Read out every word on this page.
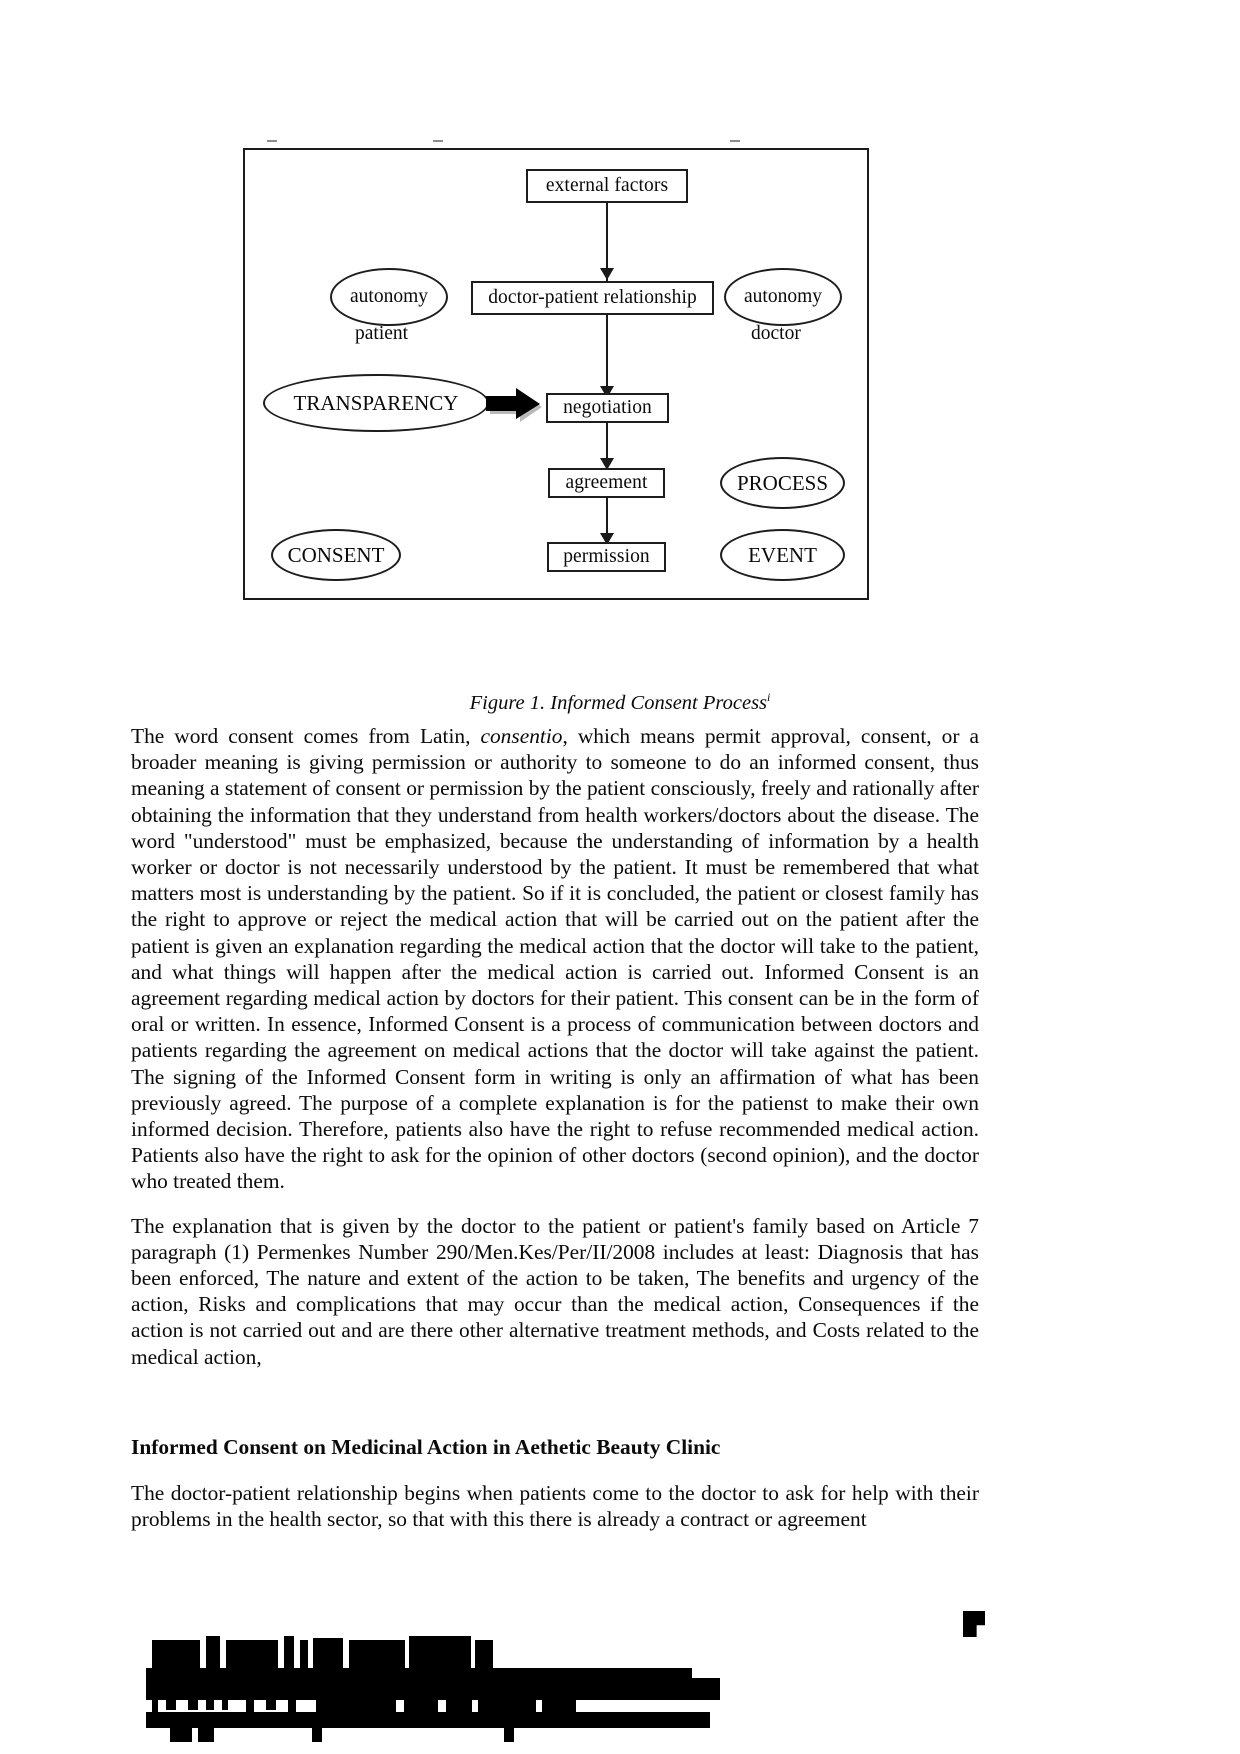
external factors
doctor-patient relationship
autonomy
patient
autonomy
doctor
TRANSPARENCY	negotiation
agreement	PROCESS
permission
CONSENT	EVENT
Figure 1. Informed Consent Process$^i$

The word consent comes from Latin, consentio, which means permit approval, consent, or a broader meaning is giving permission or authority to someone to do an informed consent, thus meaning a statement of consent or permission by the patient consciously, freely and rationally after obtaining the information that they understand from health workers/doctors about the disease. The word "understood" must be emphasized, because the understanding of information by a health worker or doctor is not necessarily understood by the patient. It must be remembered that what matters most is understanding by the patient. So if it is concluded, the patient or closest family has the right to approve or reject the medical action that will be carried out on the patient after the patient is given an explanation regarding the medical action that the doctor will take to the patient, and what things will happen after the medical action is carried out. Informed Consent is an agreement regarding medical action by doctors for their patient. This consent can be in the form of oral or written. In essence, Informed Consent is a process of communication between doctors and patients regarding the agreement on medical actions that the doctor will take against the patient. The signing of the Informed Consent form in writing is only an affirmation of what has been previously agreed. The purpose of a complete explanation is for the patienst to make their own informed decision. Therefore, patients also have the right to refuse recommended medical action. Patients also have the right to ask for the opinion of other doctors (second opinion), and the doctor who treated them.

The explanation that is given by the doctor to the patient or patient's family based on Article 7 paragraph (1) Permenkes Number 290/Men.Kes/Per/II/2008 includes at least: Diagnosis that has been enforced, The nature and extent of the action to be taken, The benefits and urgency of the action, Risks and complications that may occur than the medical action, Consequences if the action is not carried out and are there other alternative treatment methods, and Costs related to the medical action,

Informed Consent on Medicinal Action in Aethetic Beauty Clinic

The doctor-patient relationship begins when patients come to the doctor to ask for help with their problems in the health sector, so that with this there is already a contract or agreement
